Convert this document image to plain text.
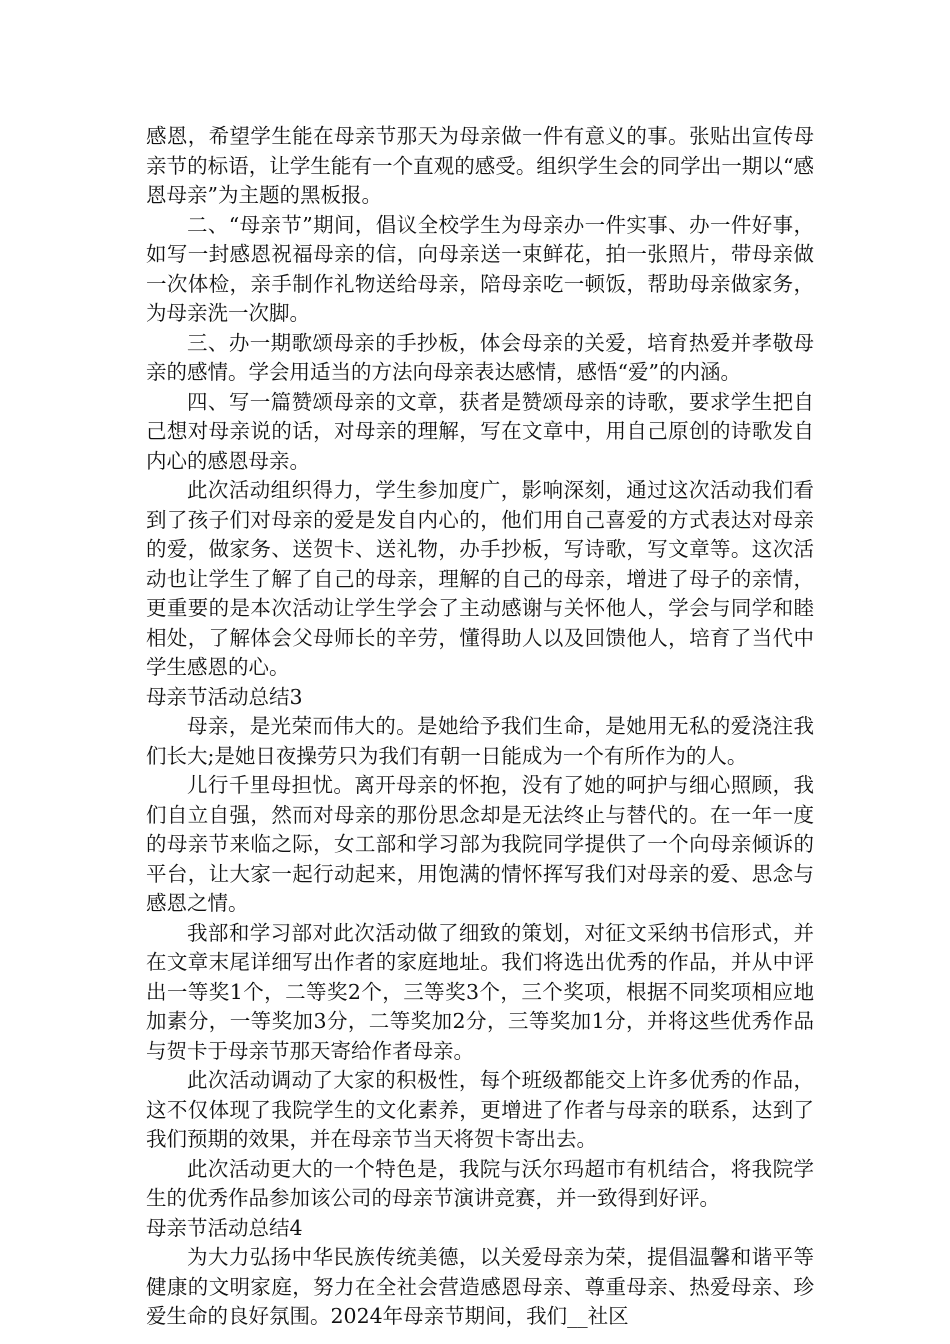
感恩，希望学生能在母亲节那天为母亲做一件有意义的事。张贴出宣传母亲节的标语，让学生能有一个直观的感受。组织学生会的同学出一期以“感恩母亲”为主题的黑板报。

二、“母亲节”期间，倡议全校学生为母亲办一件实事、办一件好事，如写一封感恩祝福母亲的信，向母亲送一束鲜花，拍一张照片，带母亲做一次体检，亲手制作礼物送给母亲，陪母亲吃一顿饭，帮助母亲做家务，为母亲洗一次脚。

三、办一期歌颂母亲的手抄板，体会母亲的关爱，培育热爱并孝敬母亲的感情。学会用适当的方法向母亲表达感情，感悟“爱”的内涵。

四、写一篇赞颂母亲的文章，获者是赞颂母亲的诗歌，要求学生把自己想对母亲说的话，对母亲的理解，写在文章中，用自己原创的诗歌发自内心的感恩母亲。

此次活动组织得力，学生参加度广，影响深刻，通过这次活动我们看到了孩子们对母亲的爱是发自内心的，他们用自己喜爱的方式表达对母亲的爱，做家务、送贺卡、送礼物，办手抄板，写诗歌，写文章等。这次活动也让学生了解了自己的母亲，理解的自己的母亲，增进了母子的亲情，更重要的是本次活动让学生学会了主动感谢与关怀他人，学会与同学和睦相处，了解体会父母师长的辛劳，懂得助人以及回馈他人，培育了当代中学生感恩的心。

母亲节活动总结3

母亲，是光荣而伟大的。是她给予我们生命，是她用无私的爱浇注我们长大;是她日夜操劳只为我们有朝一日能成为一个有所作为的人。

儿行千里母担忧。离开母亲的怀抱，没有了她的呵护与细心照顾，我们自立自强，然而对母亲的那份思念却是无法终止与替代的。在一年一度的母亲节来临之际，女工部和学习部为我院同学提供了一个向母亲倾诉的平台，让大家一起行动起来，用饱满的情怀挥写我们对母亲的爱、思念与感恩之情。

我部和学习部对此次活动做了细致的策划，对征文采纳书信形式，并在文章末尾详细写出作者的家庭地址。我们将选出优秀的作品，并从中评出一等奖1个，二等奖2个，三等奖3个，三个奖项，根据不同奖项相应地加素分，一等奖加3分，二等奖加2分，三等奖加1分，并将这些优秀作品与贺卡于母亲节那天寄给作者母亲。

此次活动调动了大家的积极性，每个班级都能交上许多优秀的作品，这不仅体现了我院学生的文化素养，更增进了作者与母亲的联系，达到了我们预期的效果，并在母亲节当天将贺卡寄出去。

此次活动更大的一个特色是，我院与沃尔玛超市有机结合，将我院学生的优秀作品参加该公司的母亲节演讲竞赛，并一致得到好评。

母亲节活动总结4

为大力弘扬中华民族传统美德，以关爱母亲为荣，提倡温馨和谐平等健康的文明家庭，努力在全社会营造感恩母亲、尊重母亲、热爱母亲、珍爱生命的良好氛围。2024年母亲节期间，我们__社区
